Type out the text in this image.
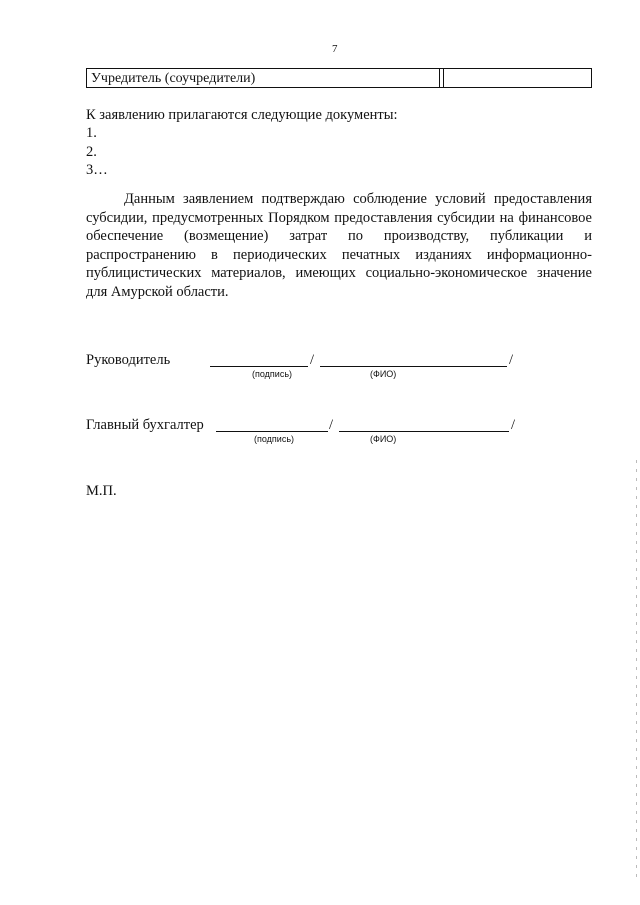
7
Учредитель (соучредители)
К заявлению прилагаются следующие документы:
1.
2.
3…

Данным заявлением подтверждаю соблюдение условий предоставления субсидии, предусмотренных Порядком предоставления субсидии на финансовое обеспечение (возмещение) затрат по производству, публикации и распространению в периодических печатных изданиях информационно-публицистических материалов, имеющих социально-экономическое значение для Амурской области.

Руководитель	/	/
(подпись)	(ФИО)
Главный бухгалтер	/	/
(подпись)	(ФИО)
М.П.
